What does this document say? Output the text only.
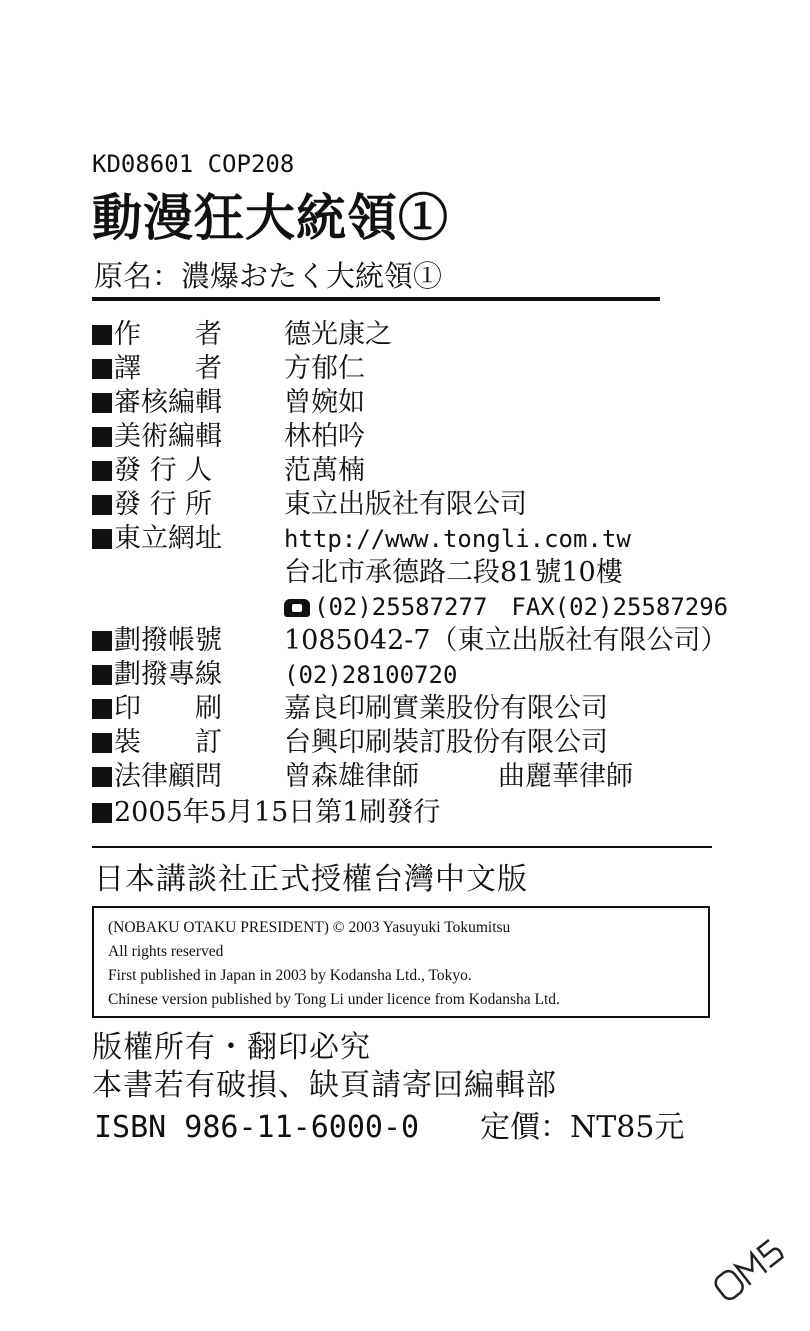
KD08601 COP208
動漫狂大統領①
原名：濃爆おたく大統領①
作　　者	德光康之
譯　　者	方郁仁
審核編輯	曾婉如
美術編輯	林柏吟
發 行 人	范萬楠
發 行 所	東立出版社有限公司
東立網址	http://www.tongli.com.tw
台北市承德路二段81號10樓
(02)25587277　FAX(02)25587296
劃撥帳號	1085042-7（東立出版社有限公司）
劃撥專線	(02)28100720
印　　刷	嘉良印刷實業股份有限公司
裝　　訂	台興印刷裝訂股份有限公司
法律顧問	曾森雄律師	曲麗華律師
2005年5月15日第1刷發行
日本講談社正式授權台灣中文版
(NOBAKU OTAKU PRESIDENT) © 2003 Yasuyuki Tokumitsu
All rights reserved
First published in Japan in 2003 by Kodansha Ltd., Tokyo.
Chinese version published by Tong Li under licence from Kodansha Ltd.
版權所有・翻印必究
本書若有破損、缺頁請寄回編輯部
ISBN 986-11-6000-0 定價：NT85元
